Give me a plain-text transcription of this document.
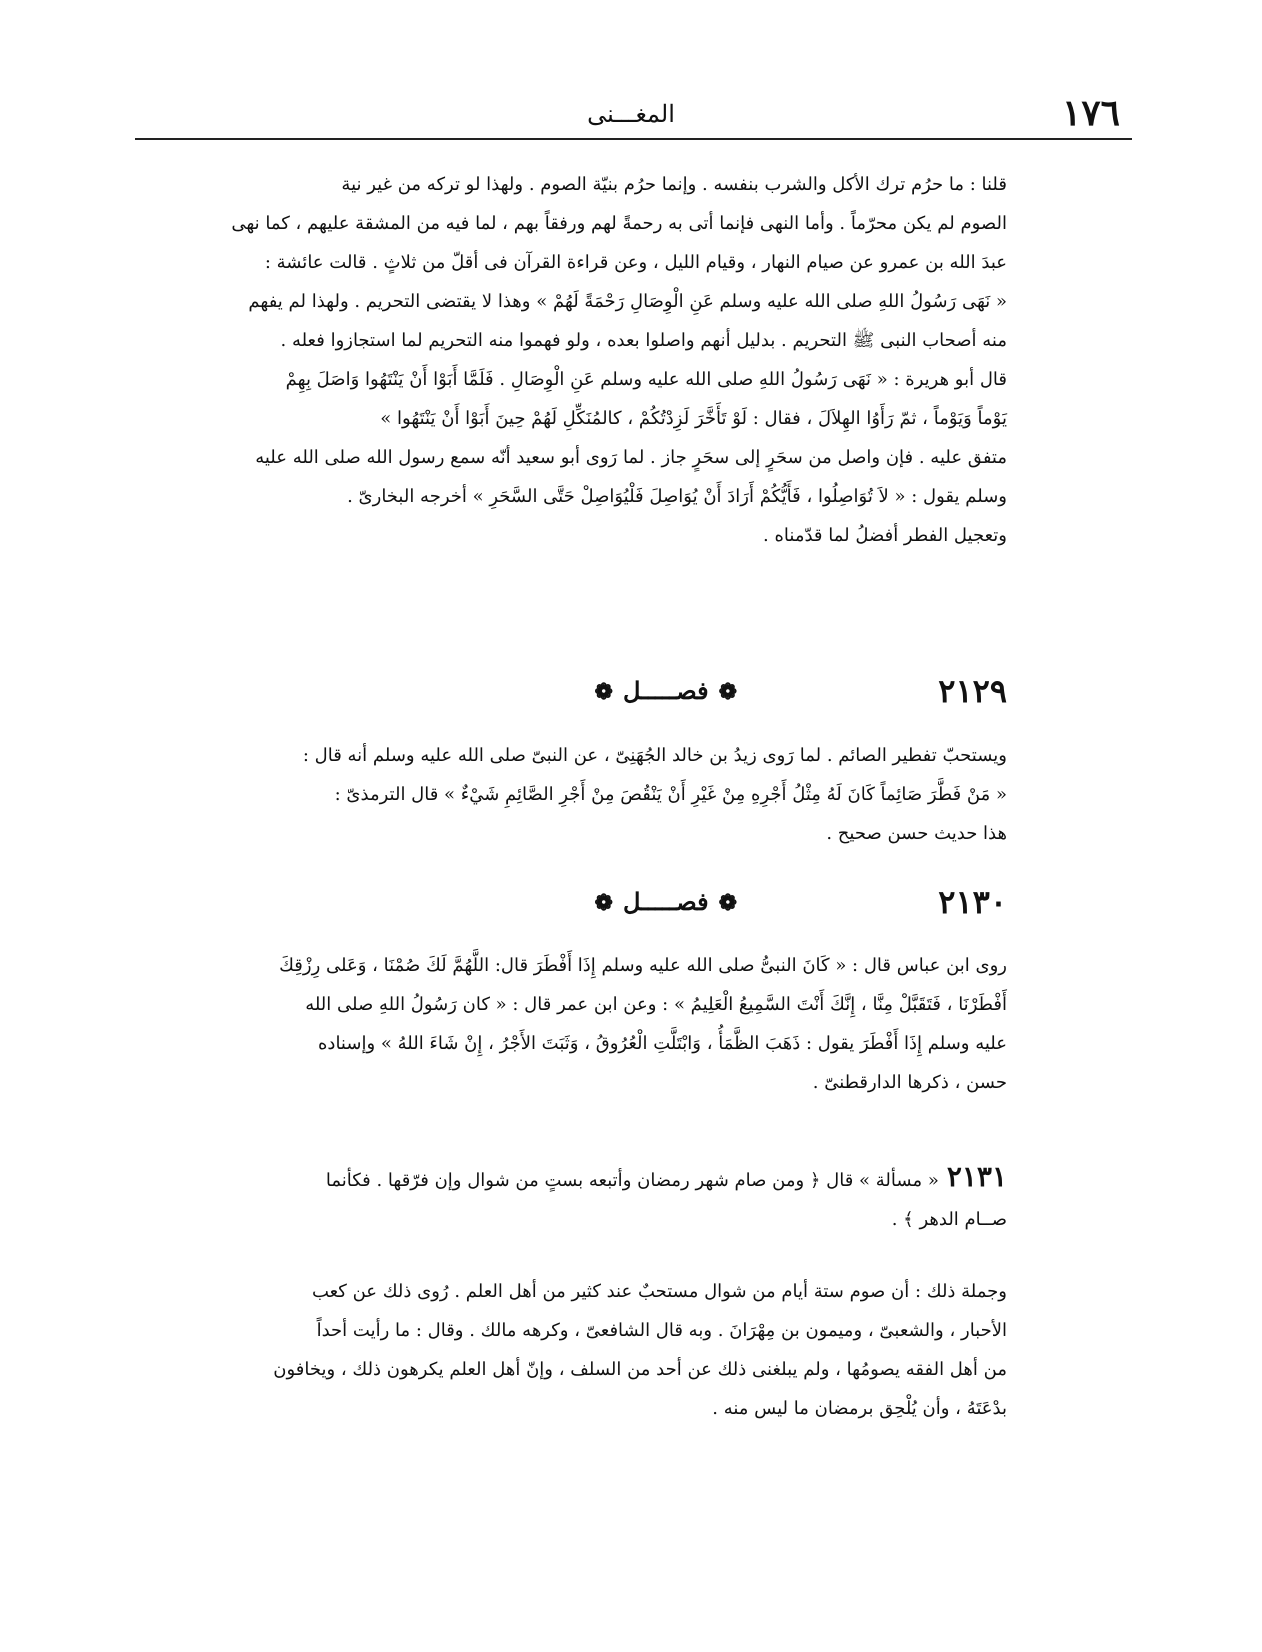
١٧٦
المغـــنى
قلنا : ما حرُم ترك الأكل والشرب بنفسه . وإنما حرُم بنيّة الصوم . ولهذا لو تركه من غير نية
الصوم لم يكن محرّماً . وأما النهى فإنما أتى به رحمةً لهم ورفقاً بهم ، لما فيه من المشقة عليهم ، كما نهى
عبدَ الله بن عمرو عن صيام النهار ، وقيام الليل ، وعن قراءة القرآن فى أقلّ من ثلاثٍ . قالت عائشة :
« نَهَى رَسُولُ اللهِ صلى الله عليه وسلم عَنِ الْوِصَالِ رَحْمَةً لَهُمْ » وهذا لا يقتضى التحريم . ولهذا لم يفهم
منه أصحاب النبى ﷺ التحريم . بدليل أنهم واصلوا بعده ، ولو فهموا منه التحريم لما استجازوا فعله .
قال أبو هريرة : « نَهَى رَسُولُ اللهِ صلى الله عليه وسلم عَنِ الْوِصَالِ . فَلَمَّا أَبَوْا أَنْ يَنْتَهُوا وَاصَلَ بِهِمْ
يَوْماً وَيَوْماً ، ثمّ رَأَوُا الهِلاَلَ ، فقال : لَوْ تَأَخَّرَ لَزِدْتُكُمْ ، كالمُنَكِّلِ لَهُمْ حِينَ أَبَوْا أَنْ يَنْتَهُوا »
متفق عليه . فإن واصل من سحَرٍ إلى سحَرٍ جاز . لما رَوى أبو سعيد أنّه سمع رسول الله صلى الله عليه
وسلم يقول : « لاَ تُوَاصِلُوا ، فَأَيُّكُمْ أَرَادَ أَنْ يُوَاصِلَ فَلْيُوَاصِلْ حَتَّى السَّحَرِ » أخرجه البخارىّ .
وتعجيل الفطر أفضلُ لما قدّمناه .
٢١٢٩
❁فصـــــل❁
ويستحبّ تفطير الصائم . لما رَوى زيدُ بن خالد الجُهَنِىّ ، عن النبىّ صلى الله عليه وسلم أنه قال :
« مَنْ فَطَّرَ صَائِماً كَانَ لَهُ مِثْلُ أَجْرِهِ مِنْ غَيْرِ أَنْ يَنْقُصَ مِنْ أَجْرِ الصَّائِمِ شَيْءٌ » قال الترمذىّ :
هذا حديث حسن صحيح .
٢١٣٠
❁فصـــــل❁
روى ابن عباس قال : « كَانَ النبىُّ صلى الله عليه وسلم إِذَا أَفْطَرَ قال: اللَّهُمَّ لَكَ صُمْنَا ، وَعَلى رِزْقِكَ
أَفْطَرْنَا ، فَتَقَبَّلْ مِنَّا ، إِنَّكَ أَنْتَ السَّمِيعُ الْعَلِيمُ » : وعن ابن عمر قال : « كان رَسُولُ اللهِ صلى الله
عليه وسلم إِذَا أَفْطَرَ يقول : ذَهَبَ الظَّمَأُ ، وَابْتَلَّتِ الْعُرُوقُ ، وَثَبَتَ الأَجْرُ ، إِنْ شَاءَ اللهُ » وإسناده
حسن ، ذكرها الدارقطنىّ .
٢١٣١« مسألة » قال ﴿ ومن صام شهر رمضان وأتبعه بستٍ من شوال وإن فرّقها . فكأنما
صــام الدهر ﴾ .
وجملة ذلك : أن صوم ستة أيام من شوال مستحبٌ عند كثير من أهل العلم . رُوى ذلك عن كعب
الأحبار ، والشعبىّ ، وميمون بن مِهْرَانَ . وبه قال الشافعىّ ، وكرهه مالك . وقال : ما رأيت أحداً
من أهل الفقه يصومُها ، ولم يبلغنى ذلك عن أحد من السلف ، وإنّ أهل العلم يكرهون ذلك ، ويخافون
بدْعَتَهُ ، وأن يُلْحِق برمضان ما ليس منه .
